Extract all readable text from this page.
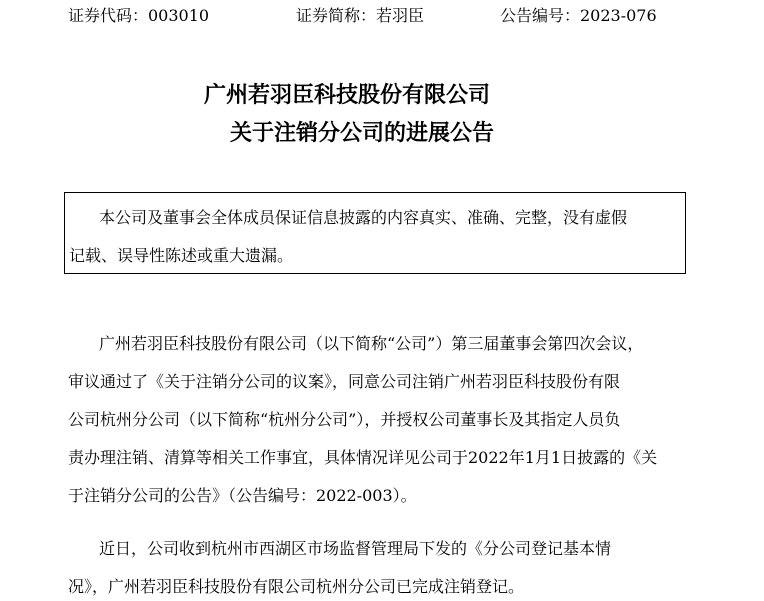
证券代码：003010	证券简称：若羽臣	公告编号：2023-076
广州若羽臣科技股份有限公司
关于注销分公司的进展公告
本公司及董事会全体成员保证信息披露的内容真实、准确、完整，没有虚假
记载、误导性陈述或重大遗漏。
广州若羽臣科技股份有限公司（以下简称“公司”）第三届董事会第四次会议，
审议通过了《关于注销分公司的议案》，同意公司注销广州若羽臣科技股份有限
公司杭州分公司（以下简称“杭州分公司”），并授权公司董事长及其指定人员负
责办理注销、清算等相关工作事宜，具体情况详见公司于2022年1月1日披露的《关
于注销分公司的公告》（公告编号：2022-003）。
近日，公司收到杭州市西湖区市场监督管理局下发的《分公司登记基本情
况》，广州若羽臣科技股份有限公司杭州分公司已完成注销登记。
